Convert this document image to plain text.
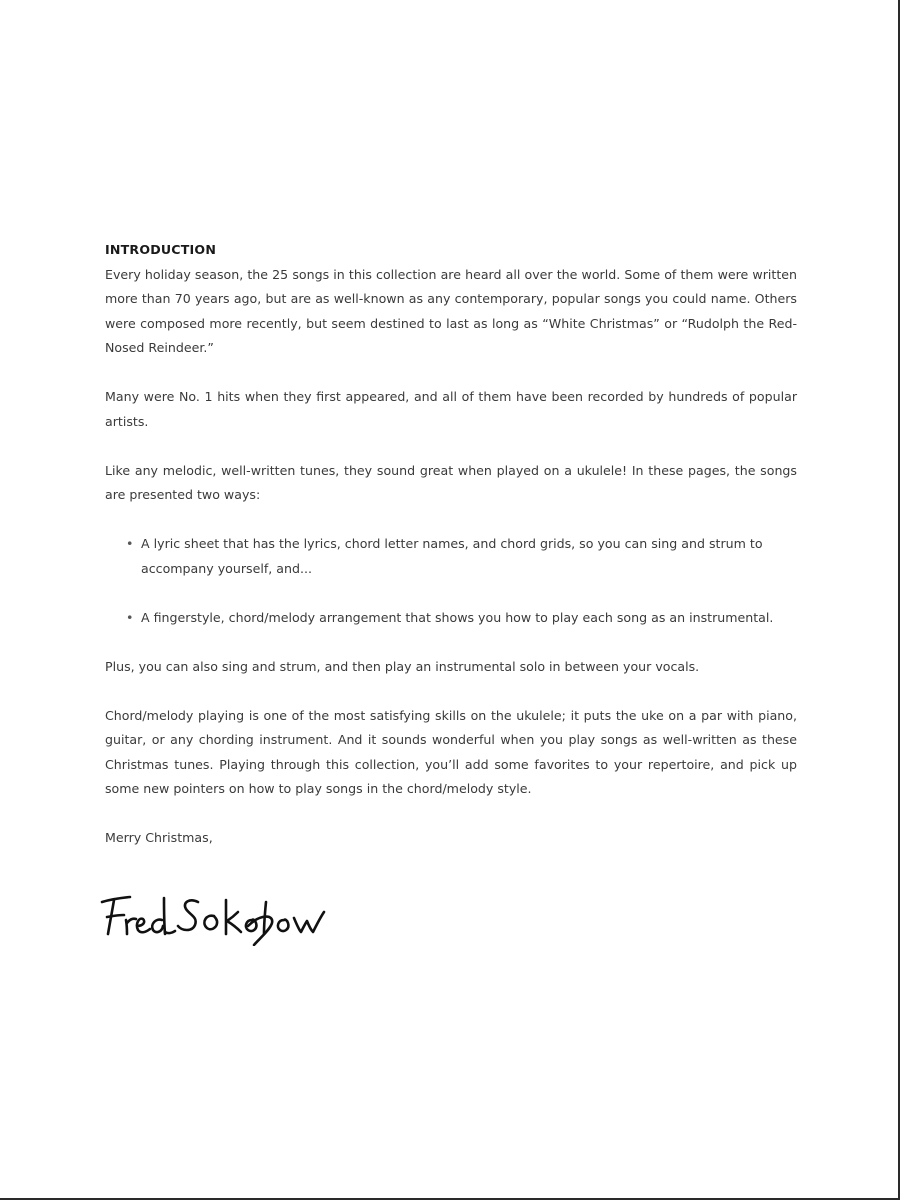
INTRODUCTION

Every holiday season, the 25 songs in this collection are heard all over the world. Some of them were written more than 70 years ago, but are as well-known as any contemporary, popular songs you could name. Others were composed more recently, but seem destined to last as long as “White Christmas” or “Rudolph the Red-Nosed Reindeer.”

Many were No. 1 hits when they first appeared, and all of them have been recorded by hundreds of popular artists.

Like any melodic, well-written tunes, they sound great when played on a ukulele! In these pages, the songs are presented two ways:

• A lyric sheet that has the lyrics, chord letter names, and chord grids, so you can sing and strum to accompany yourself, and...
• A fingerstyle, chord/melody arrangement that shows you how to play each song as an instrumental.

Plus, you can also sing and strum, and then play an instrumental solo in between your vocals.

Chord/melody playing is one of the most satisfying skills on the ukulele; it puts the uke on a par with piano, guitar, or any chording instrument. And it sounds wonderful when you play songs as well-written as these Christmas tunes. Playing through this collection, you’ll add some favorites to your repertoire, and pick up some new pointers on how to play songs in the chord/melody style.

Merry Christmas,
